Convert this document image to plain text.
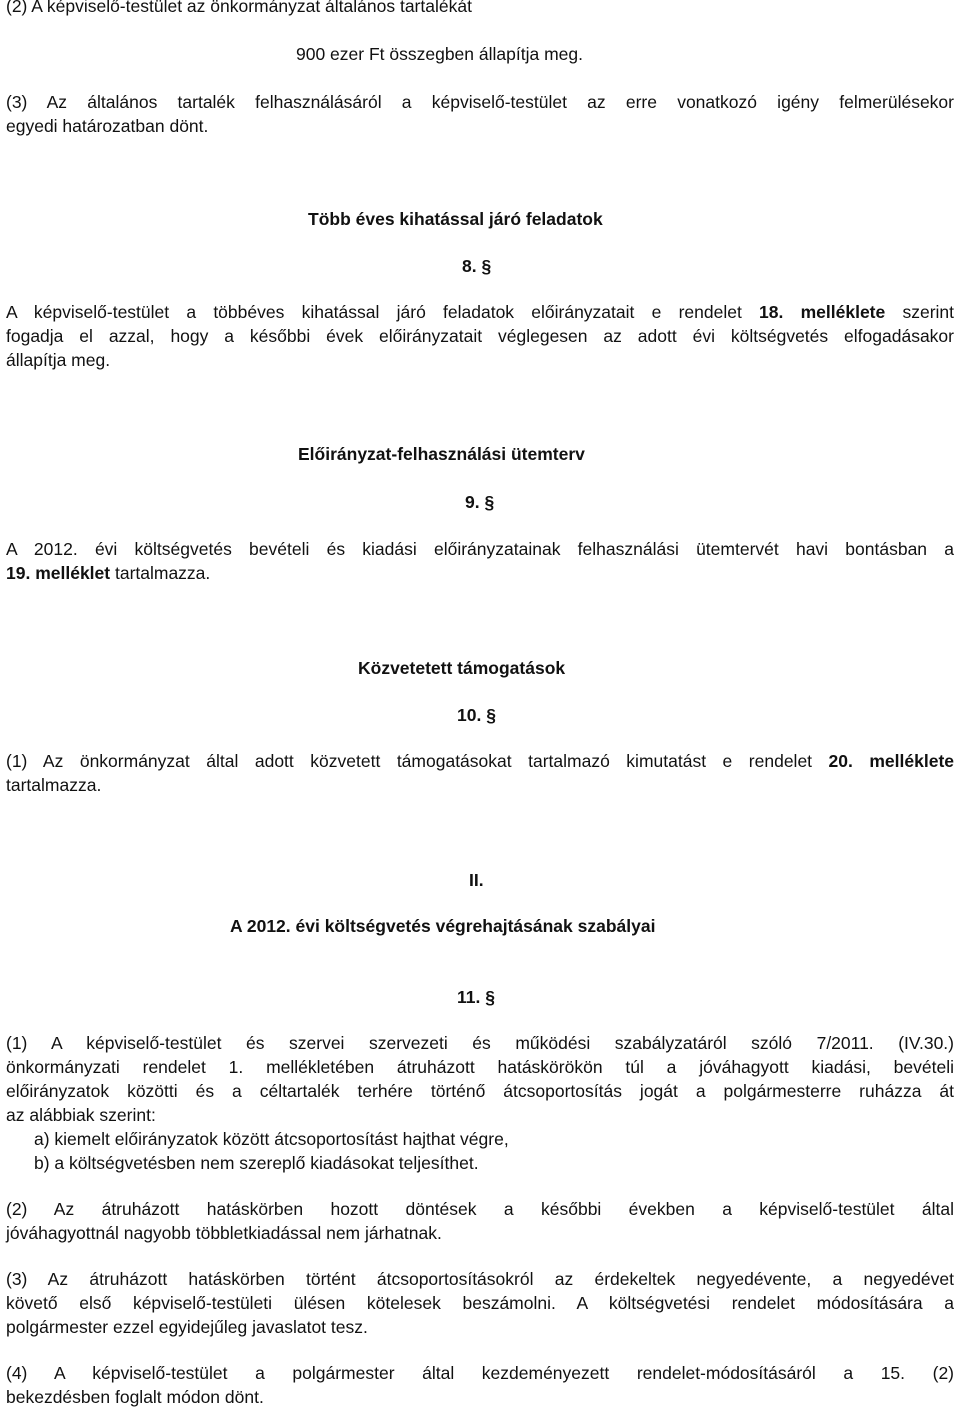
(2) A képviselő-testület az önkormányzat általános tartalékát

900 ezer Ft összegben állapítja meg.

(3) Az általános tartalék felhasználásáról a képviselő-testület az erre vonatkozó igény felmerülésekor

egyedi határozatban dönt.

Több éves kihatással járó feladatok

8. §

A képviselő-testület a többéves kihatással járó feladatok előirányzatait e rendelet 18. melléklete szerint

fogadja el azzal, hogy a későbbi évek előirányzatait véglegesen az adott évi költségvetés elfogadásakor

állapítja meg.

Előirányzat-felhasználási ütemterv

9. §

A 2012. évi költségvetés bevételi és kiadási előirányzatainak felhasználási ütemtervét havi bontásban a

19. melléklet tartalmazza.

Közvetetett támogatások

10. §

(1) Az önkormányzat által adott közvetett támogatásokat tartalmazó kimutatást e rendelet 20. melléklete

tartalmazza.

II.

A 2012. évi költségvetés végrehajtásának szabályai

11. §

(1) A képviselő-testület és szervei szervezeti és működési szabályzatáról szóló 7/2011. (IV.30.)

önkormányzati rendelet 1. mellékletében átruházott hatáskörökön túl a jóváhagyott kiadási, bevételi

előirányzatok közötti és a céltartalék terhére történő átcsoportosítás jogát a polgármesterre ruházza át

az alábbiak szerint:

a) kiemelt előirányzatok között átcsoportosítást hajthat végre,

b) a költségvetésben nem szereplő kiadásokat teljesíthet.

(2) Az átruházott hatáskörben hozott döntések a későbbi években a képviselő-testület által

jóváhagyottnál nagyobb többletkiadással nem járhatnak.

(3) Az átruházott hatáskörben történt átcsoportosításokról az érdekeltek negyedévente, a negyedévet

követő első képviselő-testületi ülésen kötelesek beszámolni. A költségvetési rendelet módosítására a

polgármester ezzel egyidejűleg javaslatot tesz.

(4) A képviselő-testület a polgármester által kezdeményezett rendelet-módosításáról a 15. (2)

bekezdésben foglalt módon dönt.
